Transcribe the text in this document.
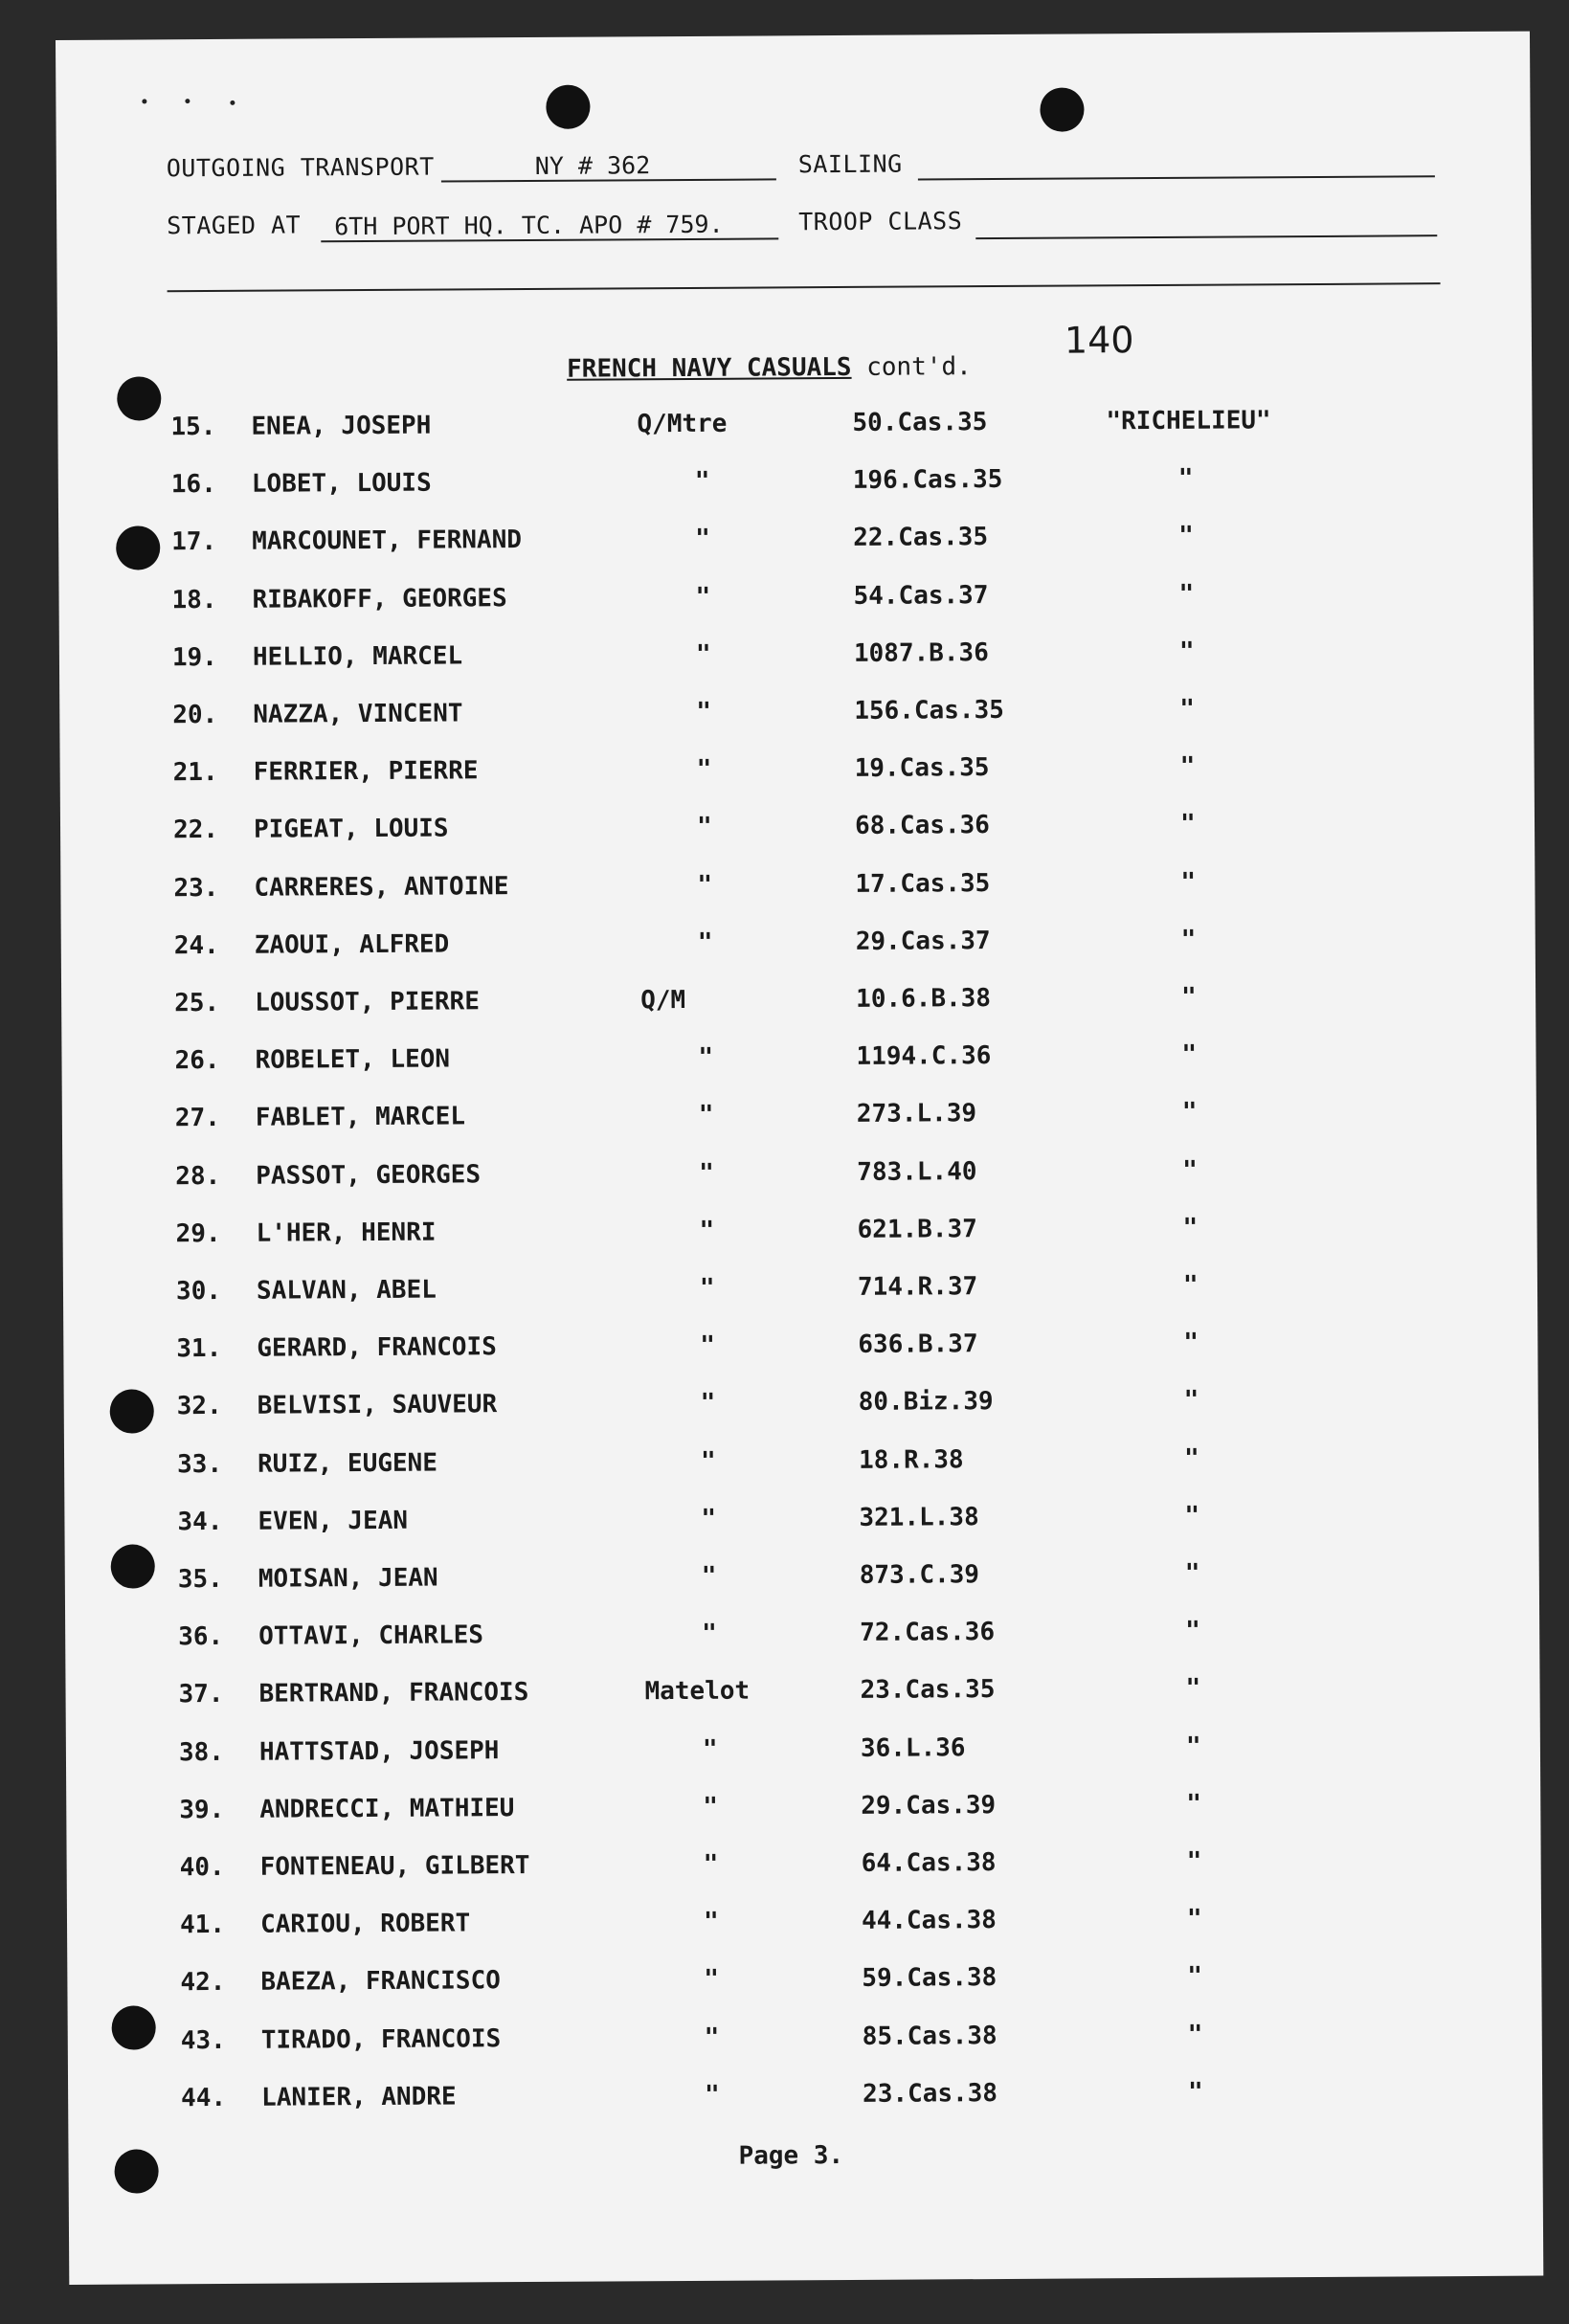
OUTGOING TRANSPORT	NY # 362	SAILING
STAGED AT	6TH PORT HQ. TC. APO # 759.	TROOP CLASS
FRENCH NAVY CASUALS cont'd.
140
15. ENEA, JOSEPH	Q/Mtre	50.Cas.35	"RICHELIEU"
16. LOBET, LOUIS	"	196.Cas.35	"
17. MARCOUNET, FERNAND	"	22.Cas.35	"
18. RIBAKOFF, GEORGES	"	54.Cas.37	"
19. HELLIO, MARCEL	"	1087.B.36	"
20. NAZZA, VINCENT	"	156.Cas.35	"
21. FERRIER, PIERRE	"	19.Cas.35	"
22. PIGEAT, LOUIS	"	68.Cas.36	"
23. CARRERES, ANTOINE	"	17.Cas.35	"
24. ZAOUI, ALFRED	"	29.Cas.37	"
25. LOUSSOT, PIERRE	Q/M	10.6.B.38	"
26. ROBELET, LEON	"	1194.C.36	"
27. FABLET, MARCEL	"	273.L.39	"
28. PASSOT, GEORGES	"	783.L.40	"
29. L'HER, HENRI	"	621.B.37	"
30. SALVAN, ABEL	"	714.R.37	"
31. GERARD, FRANCOIS	"	636.B.37	"
32. BELVISI, SAUVEUR	"	80.Biz.39	"
33. RUIZ, EUGENE	"	18.R.38	"
34. EVEN, JEAN	"	321.L.38	"
35. MOISAN, JEAN	"	873.C.39	"
36. OTTAVI, CHARLES	"	72.Cas.36	"
37. BERTRAND, FRANCOIS	Matelot	23.Cas.35	"
38. HATTSTAD, JOSEPH	"	36.L.36	"
39. ANDRECCI, MATHIEU	"	29.Cas.39	"
40. FONTENEAU, GILBERT	"	64.Cas.38	"
41. CARIOU, ROBERT	"	44.Cas.38	"
42. BAEZA, FRANCISCO	"	59.Cas.38	"
43. TIRADO, FRANCOIS	"	85.Cas.38	"
44. LANIER, ANDRE	"	23.Cas.38	"
Page 3.
